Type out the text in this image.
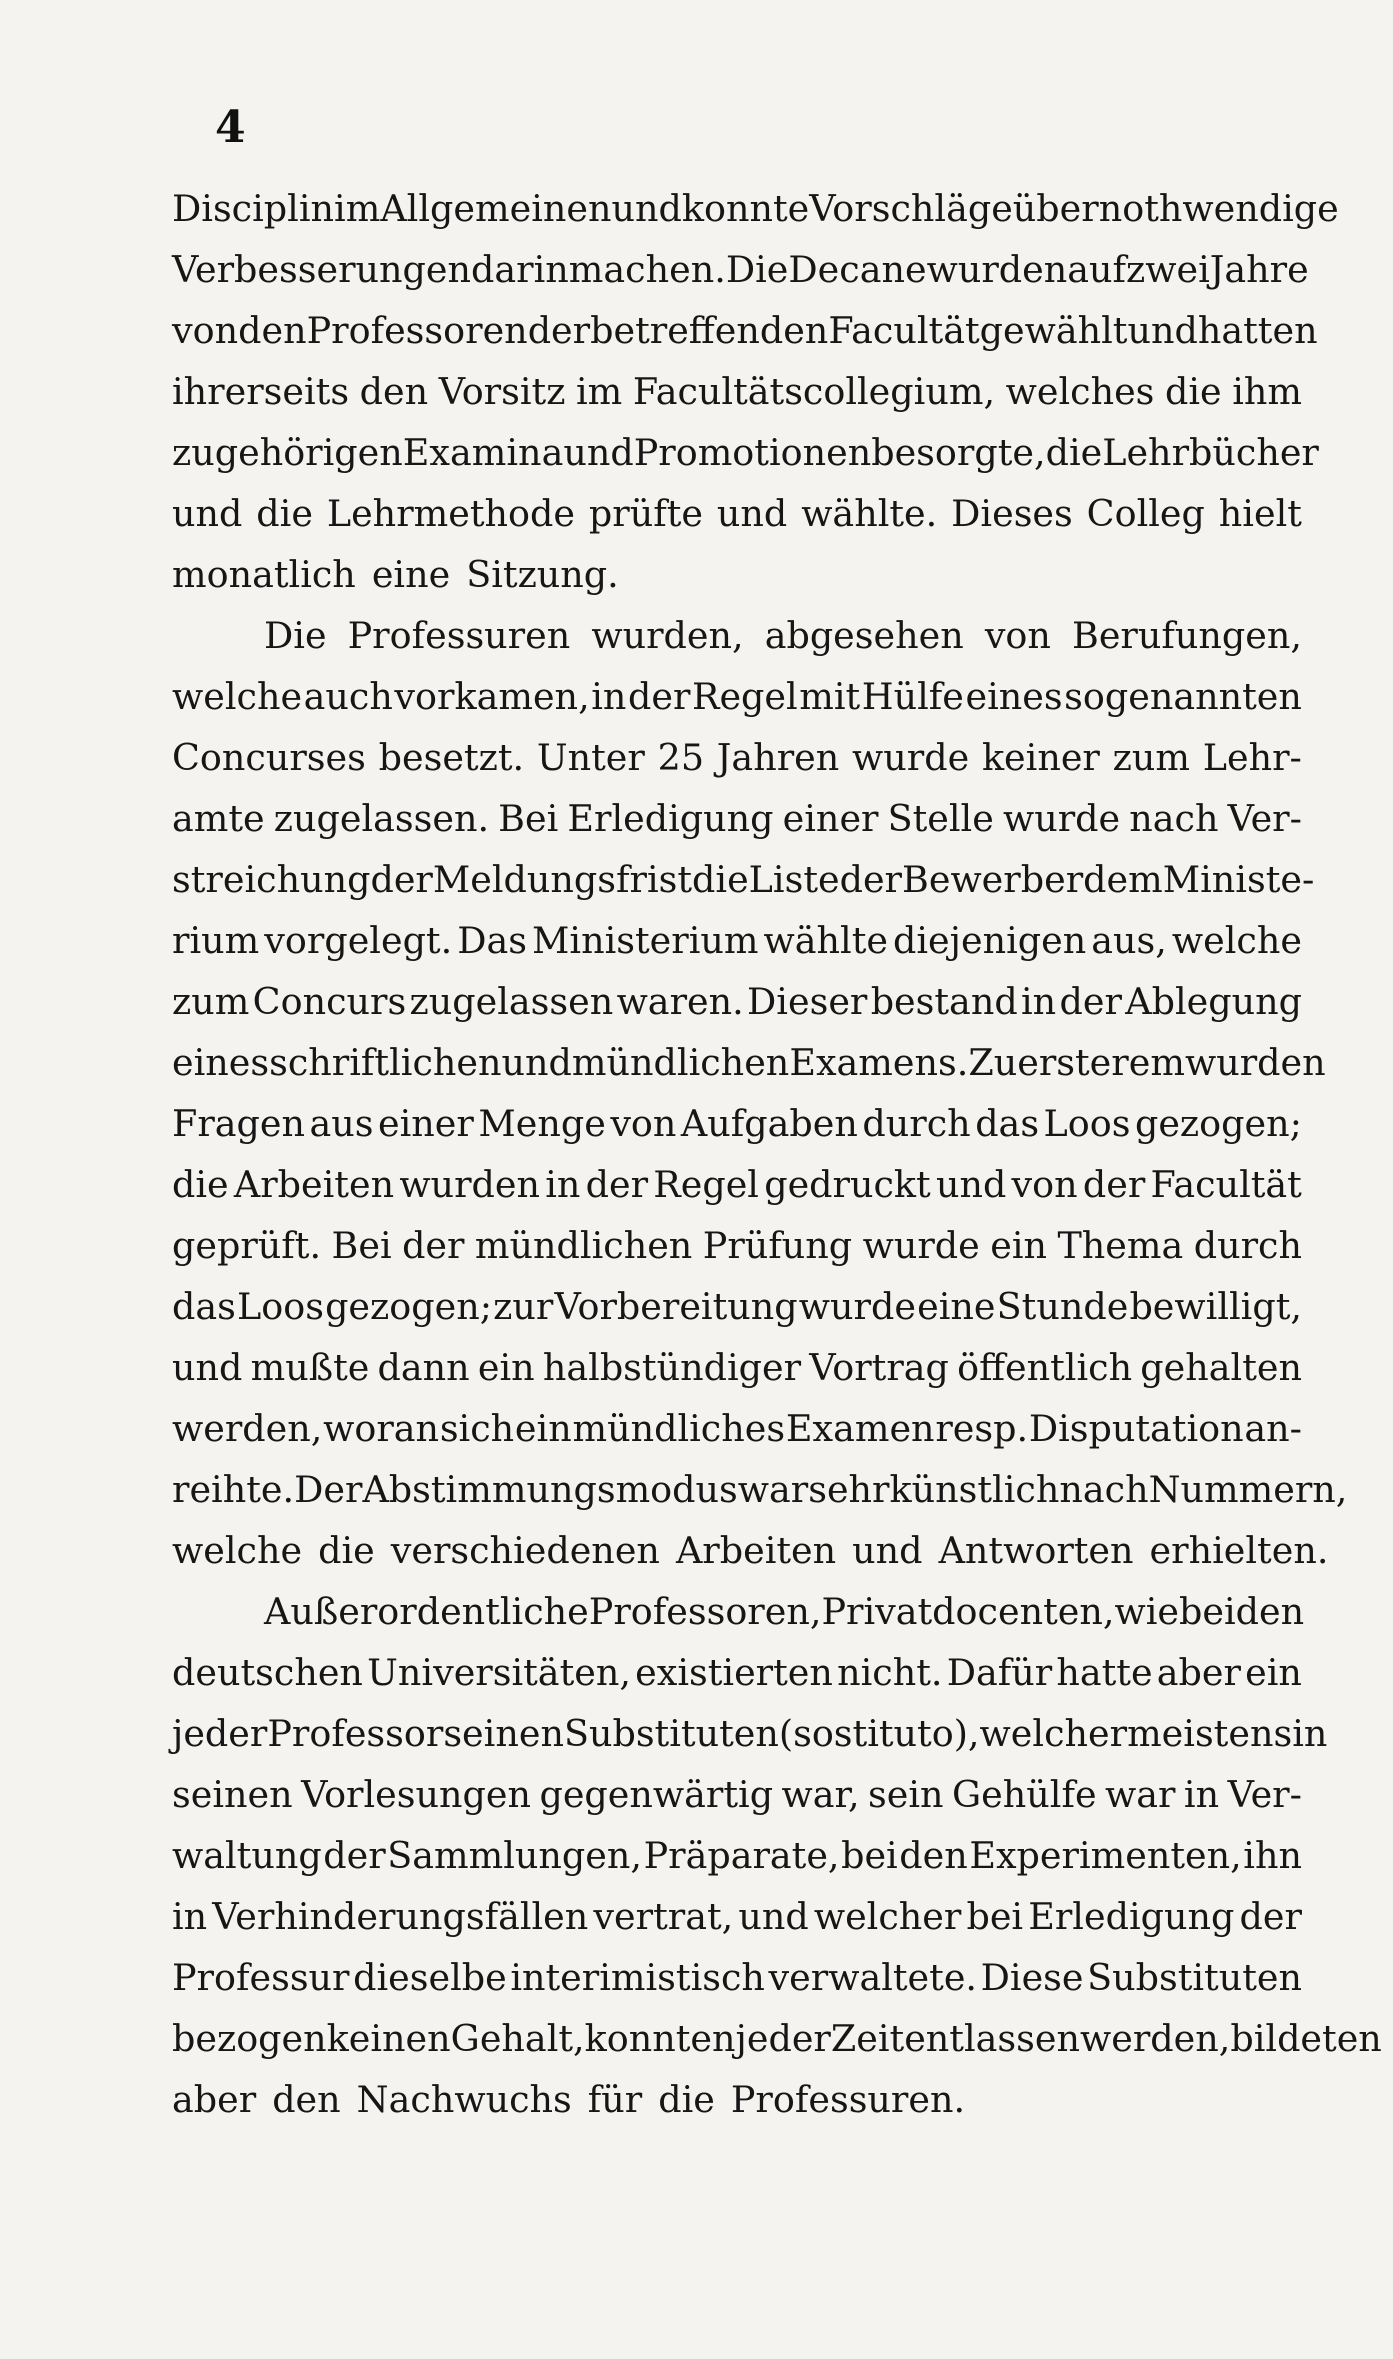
4

Disciplin im Allgemeinen und konnte Vorschläge über nothwendige
Verbesserungen darin machen. Die Decane wurden auf zwei Jahre
von den Professoren der betreffenden Facultät gewählt und hatten
ihrerseits den Vorsitz im Facultätscollegium, welches die ihm
zugehörigen Examina und Promotionen besorgte, die Lehrbücher
und die Lehrmethode prüfte und wählte. Dieses Colleg hielt
monatlich eine Sitzung.
Die Professuren wurden, abgesehen von Berufungen,
welche auch vorkamen, in der Regel mit Hülfe eines sogenannten
Concurses besetzt. Unter 25 Jahren wurde keiner zum Lehr-
amte zugelassen. Bei Erledigung einer Stelle wurde nach Ver-
streichung der Meldungsfrist die Liste der Bewerber dem Ministe-
rium vorgelegt. Das Ministerium wählte diejenigen aus, welche
zum Concurs zugelassen waren. Dieser bestand in der Ablegung
eines schriftlichen und mündlichen Examens. Zu ersterem wurden
Fragen aus einer Menge von Aufgaben durch das Loos gezogen;
die Arbeiten wurden in der Regel gedruckt und von der Facultät
geprüft. Bei der mündlichen Prüfung wurde ein Thema durch
das Loos gezogen; zur Vorbereitung wurde eine Stunde bewilligt,
und mußte dann ein halbstündiger Vortrag öffentlich gehalten
werden, woran sich ein mündliches Examen resp. Disputation an-
reihte. Der Abstimmungsmodus war sehr künstlich nach Nummern,
welche die verschiedenen Arbeiten und Antworten erhielten.
Außerordentliche Professoren, Privatdocenten, wie bei den
deutschen Universitäten, existierten nicht. Dafür hatte aber ein
jeder Professor seinen Substituten (sostituto), welcher meistens in
seinen Vorlesungen gegenwärtig war, sein Gehülfe war in Ver-
waltung der Sammlungen, Präparate, bei den Experimenten, ihn
in Verhinderungsfällen vertrat, und welcher bei Erledigung der
Professur dieselbe interimistisch verwaltete. Diese Substituten
bezogen keinen Gehalt, konnten jeder Zeit entlassen werden, bildeten
aber den Nachwuchs für die Professuren.
